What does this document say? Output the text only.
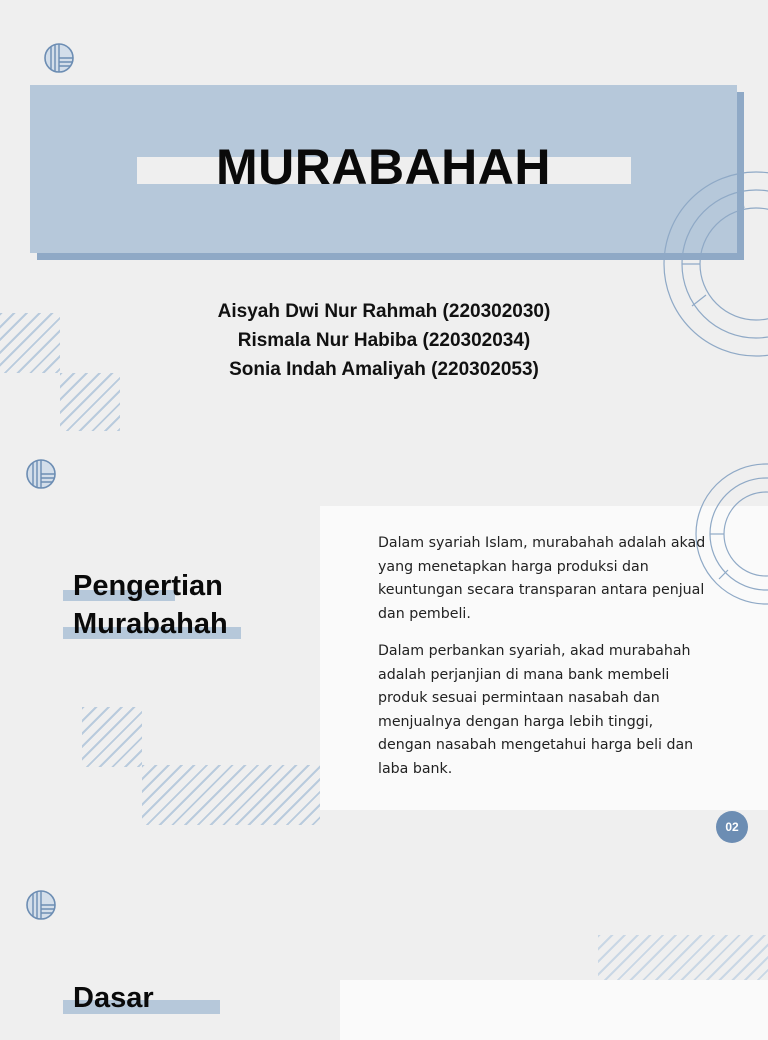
MURABAHAH
Aisyah Dwi Nur Rahmah (220302030)
Rismala Nur Habiba (220302034)
Sonia Indah Amaliyah (220302053)
Pengertian
Murabahah

Dalam syariah Islam, murabahah adalah akad yang menetapkan harga produksi dan keuntungan secara transparan antara penjual dan pembeli.

Dalam perbankan syariah, akad murabahah adalah perjanjian di mana bank membeli produk sesuai permintaan nasabah dan menjualnya dengan harga lebih tinggi, dengan nasabah mengetahui harga beli dan laba bank.

02
Dasar
